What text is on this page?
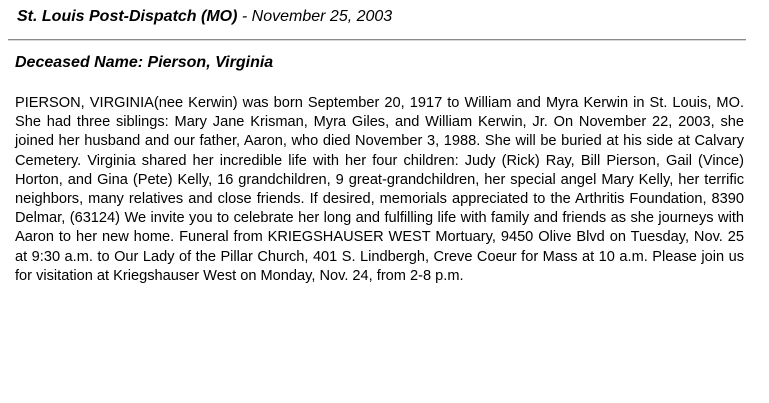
St. Louis Post-Dispatch (MO) - November 25, 2003
Deceased Name: Pierson, Virginia

PIERSON, VIRGINIA(nee Kerwin) was born September 20, 1917 to William and Myra Kerwin in St. Louis, MO. She had three siblings: Mary Jane Krisman, Myra Giles, and William Kerwin, Jr. On November 22, 2003, she joined her husband and our father, Aaron, who died November 3, 1988. She will be buried at his side at Calvary Cemetery. Virginia shared her incredible life with her four children: Judy (Rick) Ray, Bill Pierson, Gail (Vince) Horton, and Gina (Pete) Kelly, 16 grandchildren, 9 great-grandchildren, her special angel Mary Kelly, her terrific neighbors, many relatives and close friends. If desired, memorials appreciated to the Arthritis Foundation, 8390 Delmar, (63124) We invite you to celebrate her long and fulfilling life with family and friends as she journeys with Aaron to her new home. Funeral from KRIEGSHAUSER WEST Mortuary, 9450 Olive Blvd on Tuesday, Nov. 25 at 9:30 a.m. to Our Lady of the Pillar Church, 401 S. Lindbergh, Creve Coeur for Mass at 10 a.m. Please join us for visitation at Kriegshauser West on Monday, Nov. 24, from 2-8 p.m.
